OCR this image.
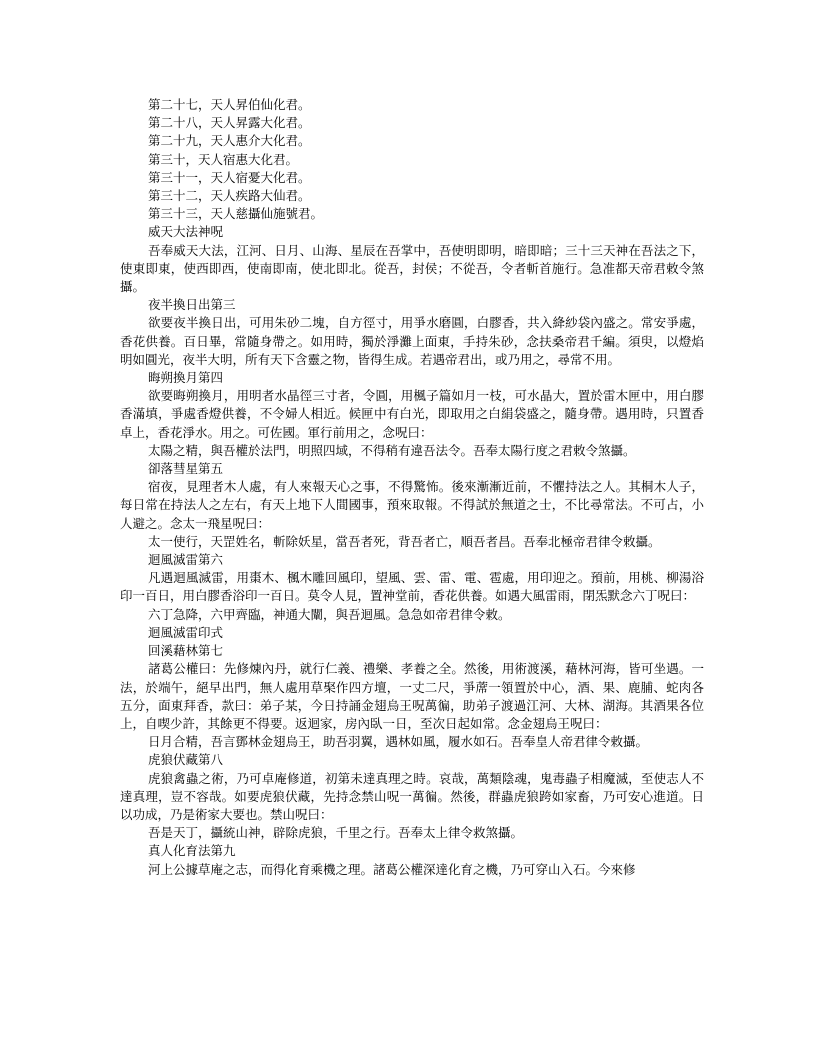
第二十七，天人昇伯仙化君。

第二十八，天人昇露大化君。

第二十九，天人惠介大化君。

第三十，天人宿惠大化君。

第三十一，天人宿憂大化君。

第三十二，天人疾路大仙君。

第三十三，天人慈攝仙施號君。

威天大法神呪

吾奉威天大法，江河、日月、山海、星辰在吾掌中，吾使明即明，暗即暗；三十三天神在吾法之下，使東即東，使西即西，使南即南，使北即北。從吾，封侯；不從吾，令者斬首施行。急准都天帝君敕令煞攝。

夜半換日出第三

欲要夜半換日出，可用朱砂二塊，自方徑寸，用爭水磨圓，白膠香，共入絳紗袋內盛之。常安爭處，香花供養。百日畢，常隨身帶之。如用時，獨於淨灘上面東，手持朱砂，念扶桑帝君千編。須臾，以燈焰明如圓光，夜半大明，所有天下含靈之物，皆得生成。若遇帝君出，或乃用之，尋常不用。

晦朔換月第四

欲要晦朔換月，用明者水晶徑三寸者，令圓，用楓子篇如月一枝，可水晶大，置於雷木匣中，用白膠香滿填，爭處香燈供養，不令婦人相近。候匣中有白光，即取用之白絹袋盛之，隨身帶。遇用時，只置香卓上，香花淨水。用之。可佐國。軍行前用之，念呪曰：

太陽之精，與吾權於法門，明照四域，不得稍有違吾法令。吾奉太陽行度之君敕令煞攝。

卻落彗星第五

宿夜，見理者木人處，有人來報天心之事，不得驚怖。後來漸漸近前，不懼持法之人。其桐木人子，每日常在持法人之左右，有天上地下人間國事，預來取報。不得試於無道之士，不比尋常法。不可占，小人避之。念太一飛星呪曰：

太一使行，天罡姓名，斬除妖星，當吾者死，背吾者亡，順吾者昌。吾奉北極帝君律令敕攝。

迴風滅雷第六

凡遇迴風滅雷，用棗木、楓木雕回風印，望風、雲、雷、電、雹處，用印迎之。預前，用桃、柳湯浴印一百日，用白膠香浴印一百日。莫令人見，置神堂前，香花供養。如遇大風雷雨，閉炁默念六丁呪曰：

六丁急降，六甲齊臨，神通大闡，與吾迴風。急急如帝君律令敕。

迴風滅雷印式

回溪藉林第七

諸葛公權曰：先修煉內丹，就行仁義、禮樂、孝養之全。然後，用術渡溪，藉林河海，皆可坐遇。一法，於端午，絕早出門，無人處用草棸作四方壇，一丈二尺，爭蓆一領置於中心，酒、果、鹿脯、蛇肉各五分，面東拜香，款曰：弟子某，今日持誦金翅烏王呪萬徧，助弟子渡過江河、大林、湖海。其酒果各位上，自喫少許，其餘更不得要。返迴家，房內臥一日，至次日起如常。念金翅烏王呪曰：

日月合精，吾言鄧林金翅烏王，助吾羽翼，遇林如風，履水如石。吾奉皇人帝君律令敕攝。

虎狼伏藏第八

虎狼禽蟲之術，乃可卓庵修道，初第未達真理之時。哀哉，萬類陰魂，鬼毒蟲子相魔滅，至使志人不達真理，豈不容哉。如要虎狼伏藏，先持念禁山呪一萬徧。然後，群蟲虎狼跨如家畜，乃可安心進道。日以功成，乃是術家大要也。禁山呪曰：

吾是天丁，攝統山神，辟除虎狼，千里之行。吾奉太上律令救煞攝。

真人化育法第九

河上公據草庵之志，而得化育乘機之理。諸葛公權深達化育之機，乃可穿山入石。今來修
